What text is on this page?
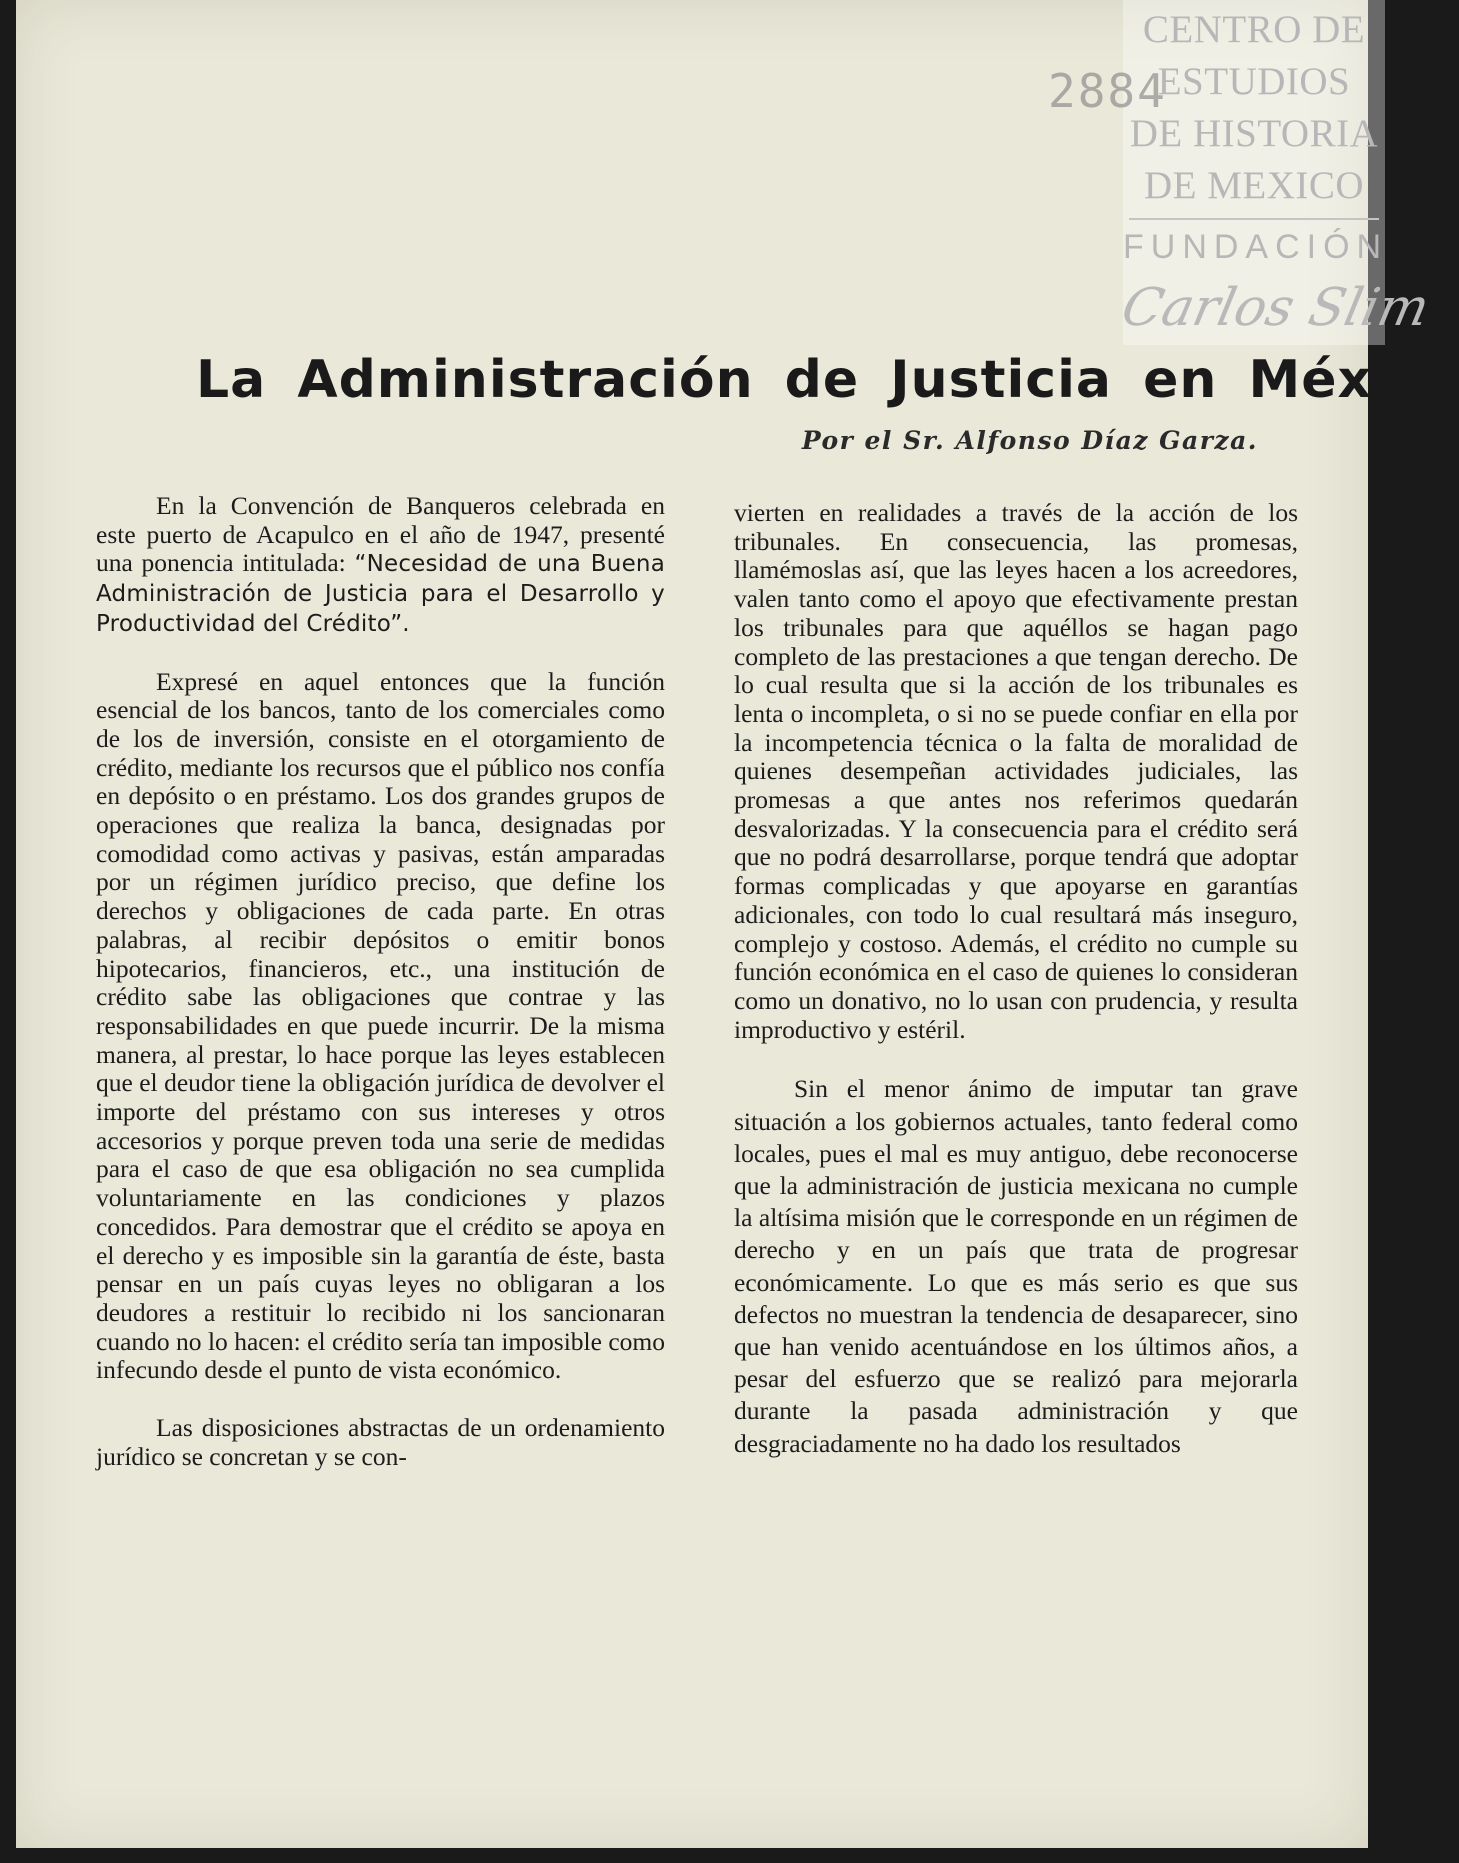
CENTRO DE
ESTUDIOS
DE HISTORIA
DE MEXICO
FUNDACIÓN
Carlos Slim
2884
La Administración de Justicia en México
Por el Sr. Alfonso Díaz Garza.

En la Convención de Banqueros celebrada en este puerto de Acapulco en el año de 1947, presenté una ponencia intitulada: “Necesidad de una Buena Administración de Justicia para el Desarrollo y Productividad del Crédito”.

Expresé en aquel entonces que la función esencial de los bancos, tanto de los comerciales como de los de inversión, consiste en el otorgamiento de crédito, mediante los recursos que el público nos confía en depósito o en préstamo. Los dos grandes grupos de operaciones que realiza la banca, designadas por comodidad como activas y pasivas, están amparadas por un régimen jurídico preciso, que define los derechos y obligaciones de cada parte. En otras palabras, al recibir depósitos o emitir bonos hipotecarios, financieros, etc., una institución de crédito sabe las obligaciones que contrae y las responsabilidades en que puede incurrir. De la misma manera, al prestar, lo hace porque las leyes establecen que el deudor tiene la obligación jurídica de devolver el importe del préstamo con sus intereses y otros accesorios y porque preven toda una serie de medidas para el caso de que esa obligación no sea cumplida voluntariamente en las condiciones y plazos concedidos. Para demostrar que el crédito se apoya en el derecho y es imposible sin la garantía de éste, basta pensar en un país cuyas leyes no obligaran a los deudores a restituir lo recibido ni los sancionaran cuando no lo hacen: el crédito sería tan imposible como infecundo desde el punto de vista económico.

Las disposiciones abstractas de un ordenamiento jurídico se concretan y se con-

vierten en realidades a través de la acción de los tribunales. En consecuencia, las promesas, llamémoslas así, que las leyes hacen a los acreedores, valen tanto como el apoyo que efectivamente prestan los tribunales para que aquéllos se hagan pago completo de las prestaciones a que tengan derecho. De lo cual resulta que si la acción de los tribunales es lenta o incompleta, o si no se puede confiar en ella por la incompetencia técnica o la falta de moralidad de quienes desempeñan actividades judiciales, las promesas a que antes nos referimos quedarán desvalorizadas. Y la consecuencia para el crédito será que no podrá desarrollarse, porque tendrá que adoptar formas complicadas y que apoyarse en garantías adicionales, con todo lo cual resultará más inseguro, complejo y costoso. Además, el crédito no cumple su función económica en el caso de quienes lo consideran como un donativo, no lo usan con prudencia, y resulta improductivo y estéril.

Sin el menor ánimo de imputar tan grave situación a los gobiernos actuales, tanto federal como locales, pues el mal es muy antiguo, debe reconocerse que la administración de justicia mexicana no cumple la altísima misión que le corresponde en un régimen de derecho y en un país que trata de progresar económicamente. Lo que es más serio es que sus defectos no muestran la tendencia de desaparecer, sino que han venido acentuándose en los últimos años, a pesar del esfuerzo que se realizó para mejorarla durante la pasada administración y que desgraciadamente no ha dado los resultados
